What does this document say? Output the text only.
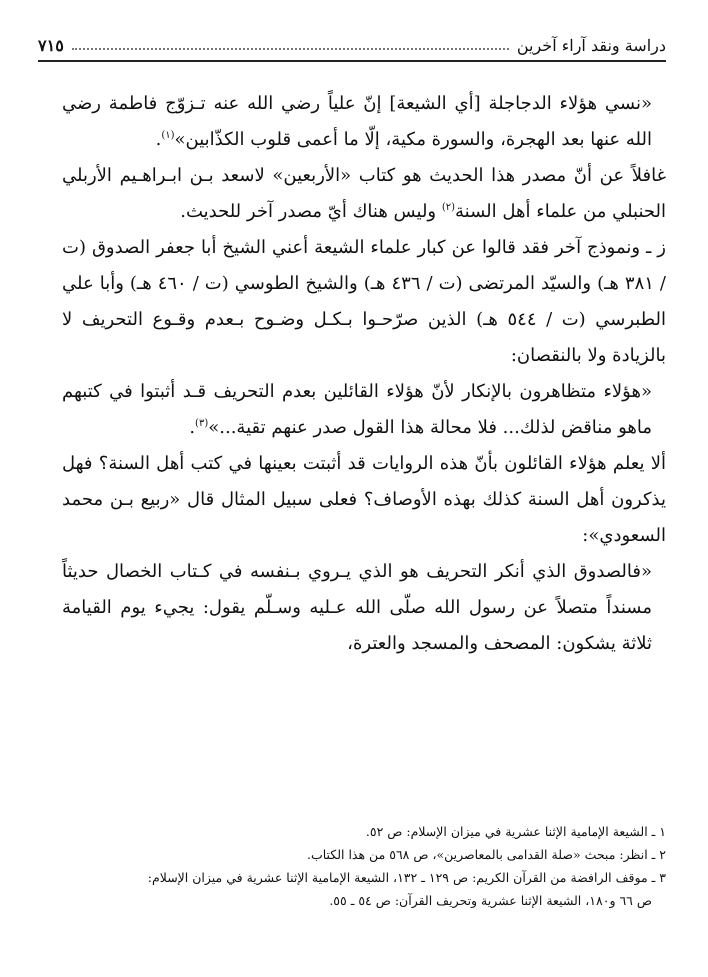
دراسة ونقد آراء آخرين
٧١٥

«نسي هؤلاء الدجاجلة [أي الشيعة] إنّ علياً رضي الله عنه تـزوّج فاطمة رضي الله عنها بعد الهجرة، والسورة مكية، إلّا ما أعمى قلوب الكذّابين»$^{(١)}$.

غافلاً عن أنّ مصدر هذا الحديث هو كتاب «الأربعين» لاسعد بـن ابـراهـيم الأربلي الحنبلي من علماء أهل السنة$^{(٢)}$ وليس هناك أيّ مصدر آخر للحديث.

ز ـ ونموذج آخر فقد قالوا عن كبار علماء الشيعة أعني الشيخ أبا جعفر الصدوق (ت / ٣٨١ هـ) والسيّد المرتضى (ت / ٤٣٦ هـ) والشيخ الطوسي (ت / ٤٦٠ هـ) وأبا علي الطبرسي (ت / ٥٤٤ هـ) الذين صرّحـوا بـكـل وضـوح بـعدم وقـوع التحريف لا بالزيادة ولا بالنقصان:

«هؤلاء متظاهرون بالإنكار لأنّ هؤلاء القائلين بعدم التحريف قـد أثبتوا في كتبهم ماهو مناقض لذلك... فلا محالة هذا القول صدر عنهم تقية...»$^{(٣)}$.

ألا يعلم هؤلاء القائلون بأنّ هذه الروايات قد أثبتت بعينها في كتب أهل السنة؟ فهل يذكرون أهل السنة كذلك بهذه الأوصاف؟ فعلى سبيل المثال قال «ربيع بـن محمد السعودي»:

«فالصدوق الذي أنكر التحريف هو الذي يـروي بـنفسه في كـتاب الخصال حديثاً مسنداً متصلاً عن رسول الله صلّى الله عـليه وسـلّم يقول: يجيء يوم القيامة ثلاثة يشكون: المصحف والمسجد والعترة،

١ ـ الشيعة الإمامية الإثنا عشرية في ميزان الإسلام: ص ٥٢.

٢ ـ انظر: مبحث «صلة القدامى بالمعاصرين»، ص ٥٦٨ من هذا الكتاب.

٣ ـ موقف الرافضة من القرآن الكريم: ص ١٢٩ ـ ١٣٢، الشيعة الإمامية الإثنا عشرية في ميزان الإسلام:

ص ٦٦ و١٨٠، الشيعة الإثنا عشرية وتحريف القرآن: ص ٥٤ ـ ٥٥.
